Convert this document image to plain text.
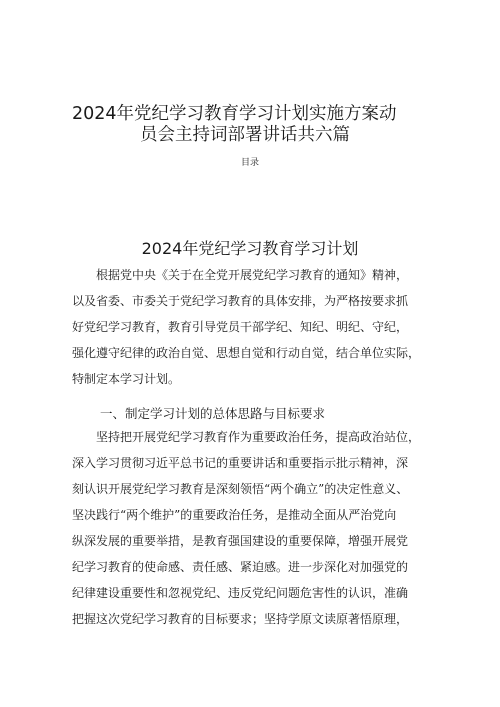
2024年党纪学习教育学习计划实施方案动
员会主持词部署讲话共六篇
目录
2024年党纪学习教育学习计划
根据党中央《关于在全党开展党纪学习教育的通知》精神，
以及省委、市委关于党纪学习教育的具体安排，为严格按要求抓
好党纪学习教育，教育引导党员干部学纪、知纪、明纪、守纪，
强化遵守纪律的政治自觉、思想自觉和行动自觉，结合单位实际，
特制定本学习计划。
一、制定学习计划的总体思路与目标要求
坚持把开展党纪学习教育作为重要政治任务，提高政治站位，
深入学习贯彻习近平总书记的重要讲话和重要指示批示精神，深
刻认识开展党纪学习教育是深刻领悟“两个确立”的决定性意义、
坚决践行“两个维护”的重要政治任务，是推动全面从严治党向
纵深发展的重要举措，是教育强国建设的重要保障，增强开展党
纪学习教育的使命感、责任感、紧迫感。进一步深化对加强党的
纪律建设重要性和忽视党纪、违反党纪问题危害性的认识，准确
把握这次党纪学习教育的目标要求；坚持学原文读原著悟原理，
